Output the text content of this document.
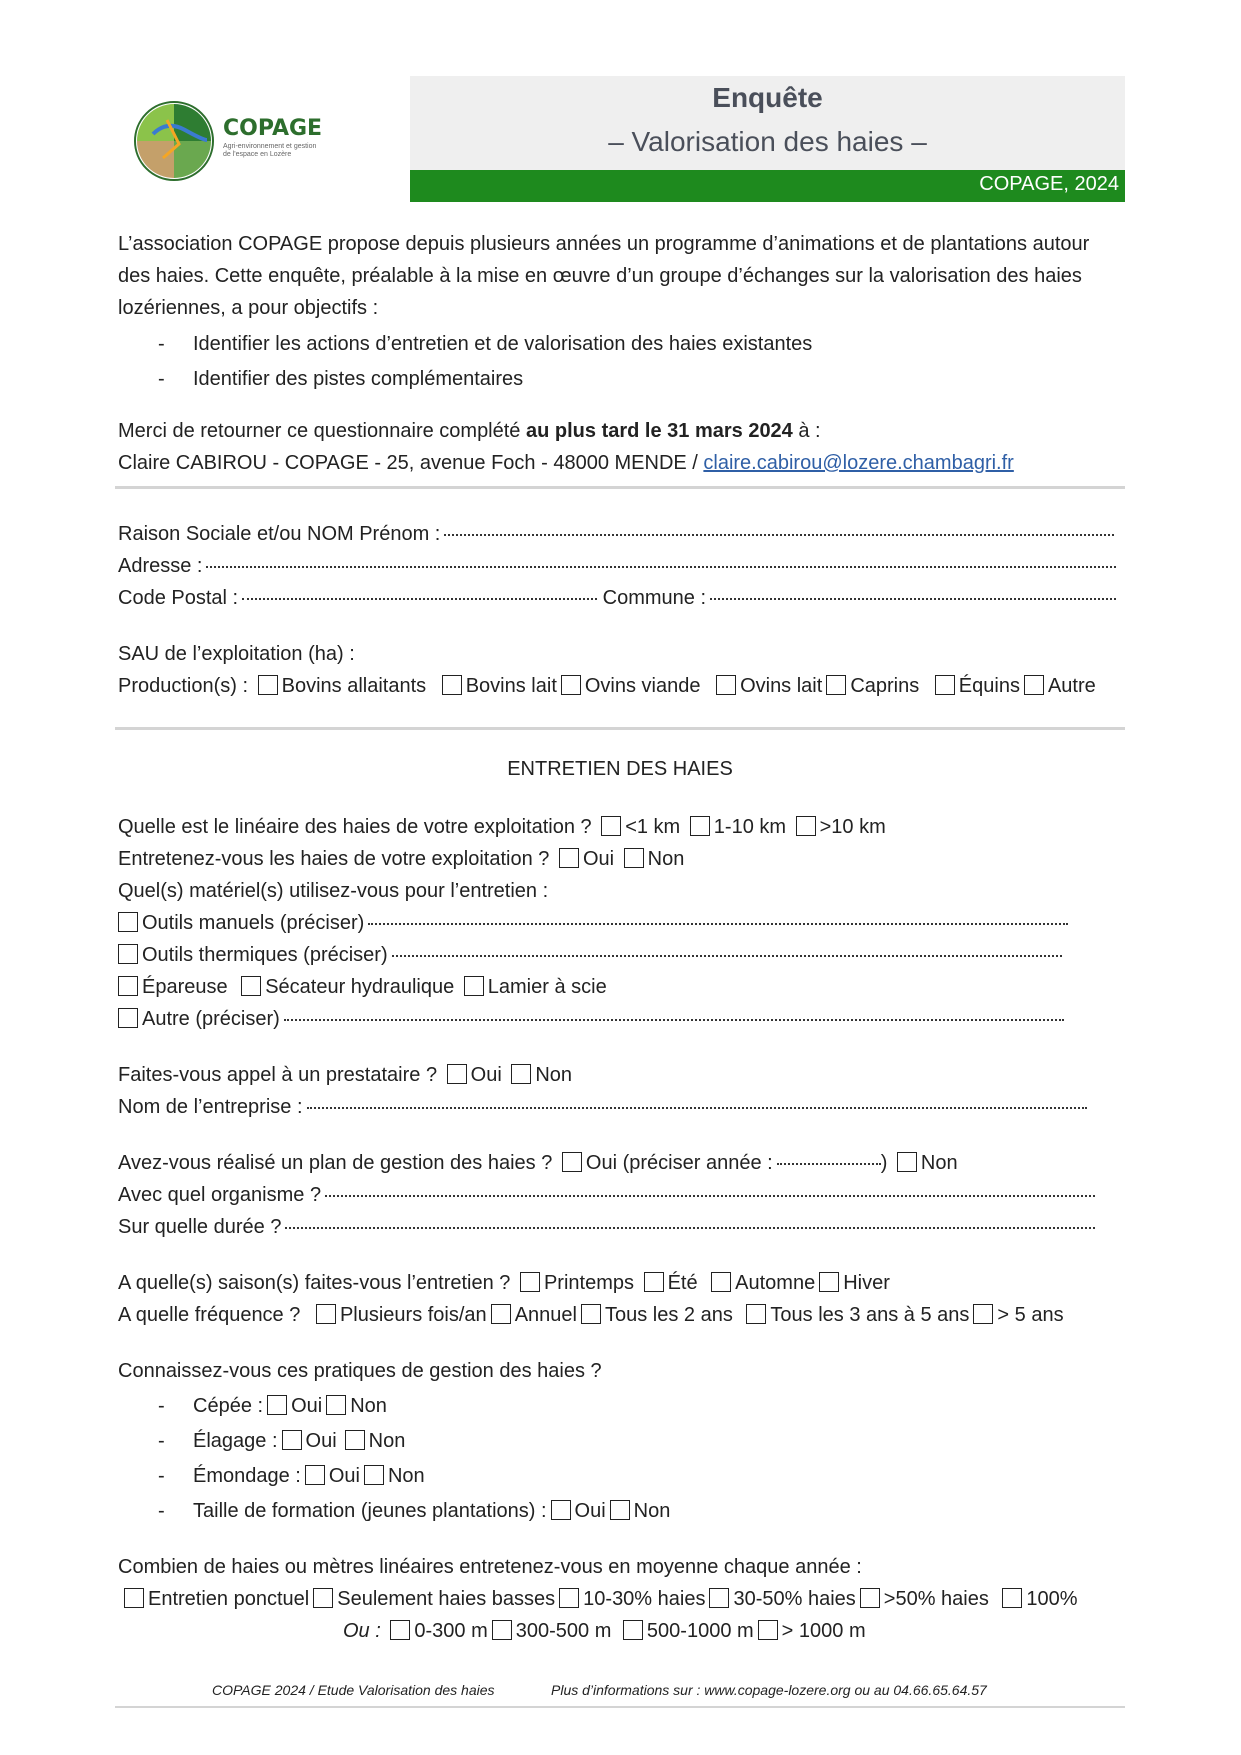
COPAGE
Agri-environnement et gestion de l'espace en Lozère
Enquête
– Valorisation des haies –
COPAGE, 2024
L’association COPAGE propose depuis plusieurs années un programme d’animations et de plantations autour
des haies. Cette enquête, préalable à la mise en œuvre d’un groupe d’échanges sur la valorisation des haies
lozériennes, a pour objectifs :
- Identifier les actions d’entretien et de valorisation des haies existantes
- Identifier des pistes complémentaires
Merci de retourner ce questionnaire complété au plus tard le 31 mars 2024 à :
Claire CABIROU - COPAGE - 25, avenue Foch - 48000 MENDE / claire.cabirou@lozere.chambagri.fr
Raison Sociale et/ou NOM Prénom :
Adresse :
Code Postal :	Commune :
SAU de l’exploitation (ha) :
Production(s) : Bovins allaitants Bovins lait Ovins viande Ovins lait Caprins Équins Autre
ENTRETIEN DES HAIES
Quelle est le linéaire des haies de votre exploitation ? <1 km 1-10 km >10 km
Entretenez-vous les haies de votre exploitation ? Oui Non
Quel(s) matériel(s) utilisez-vous pour l’entretien :
Outils manuels (préciser)
Outils thermiques (préciser)
Épareuse Sécateur hydraulique Lamier à scie
Autre (préciser)
Faites-vous appel à un prestataire ? Oui Non
Nom de l’entreprise :
Avez-vous réalisé un plan de gestion des haies ? Oui (préciser année :	) Non
Avec quel organisme ?
Sur quelle durée ?
A quelle(s) saison(s) faites-vous l’entretien ? Printemps Été Automne Hiver
A quelle fréquence ? Plusieurs fois/an Annuel Tous les 2 ans Tous les 3 ans à 5 ans > 5 ans
Connaissez-vous ces pratiques de gestion des haies ?
- Cépée : Oui Non
- Élagage : Oui Non
- Émondage : Oui Non
- Taille de formation (jeunes plantations) : Oui Non
Combien de haies ou mètres linéaires entretenez-vous en moyenne chaque année :
Entretien ponctuel Seulement haies basses 10-30% haies 30-50% haies >50% haies 100%
Ou : 0-300 m 300-500 m 500-1000 m > 1000 m
COPAGE 2024 / Etude Valorisation des haies	Plus d’informations sur : www.copage-lozere.org ou au 04.66.65.64.57
